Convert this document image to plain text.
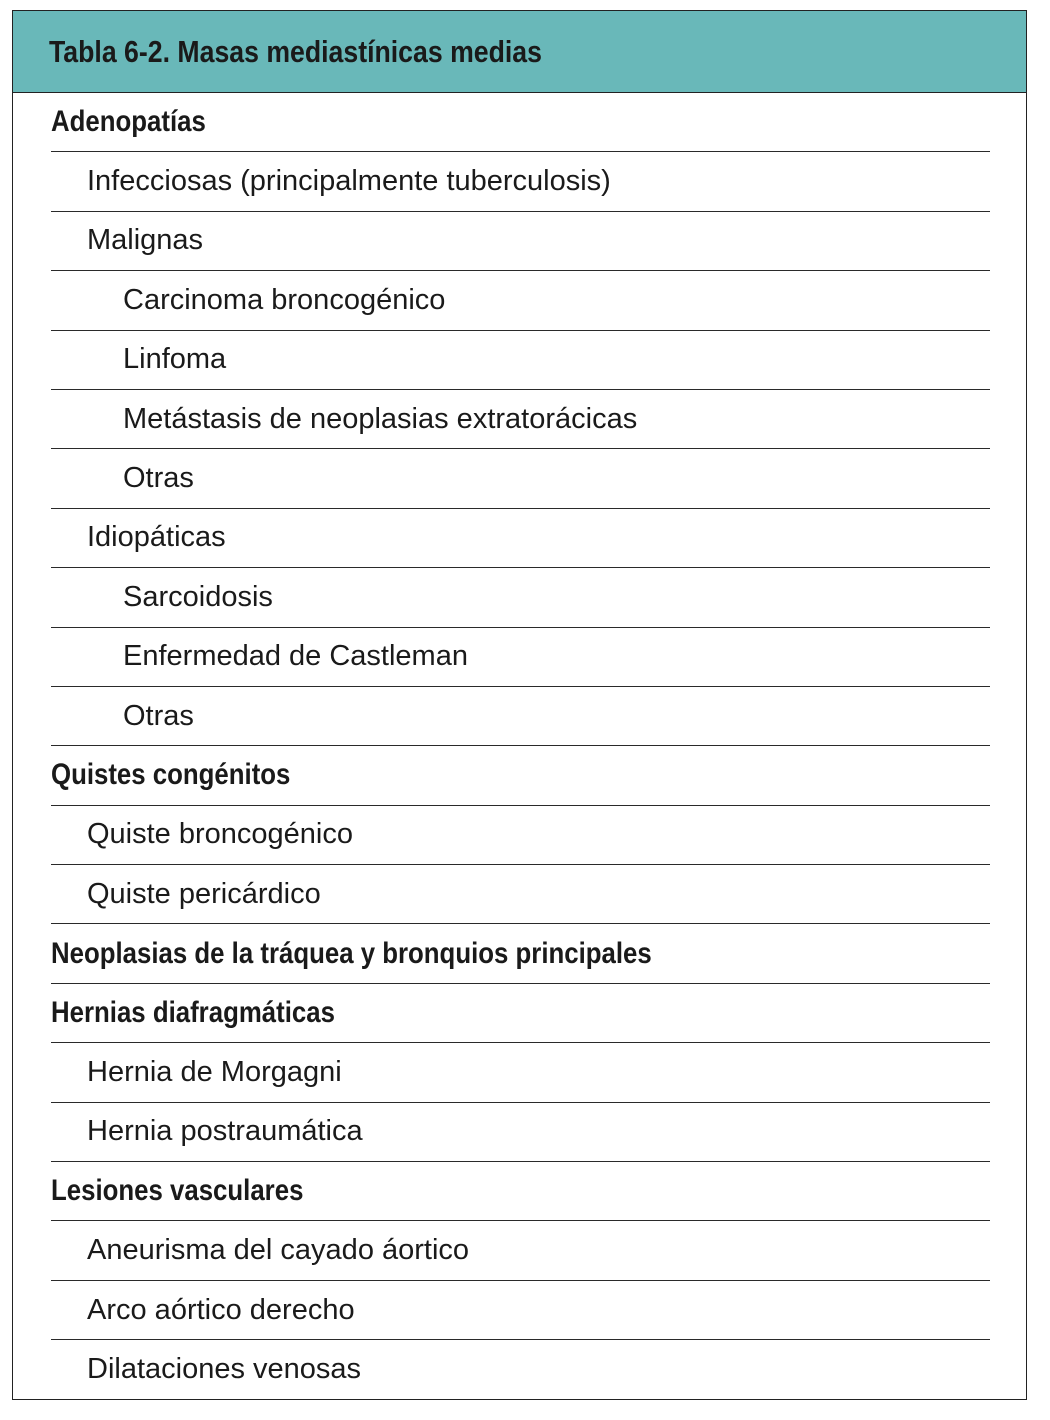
Tabla 6-2. Masas mediastínicas medias
Adenopatías
Infecciosas (principalmente tuberculosis)
Malignas
Carcinoma broncogénico
Linfoma
Metástasis de neoplasias extratorácicas
Otras
Idiopáticas
Sarcoidosis
Enfermedad de Castleman
Otras
Quistes congénitos
Quiste broncogénico
Quiste pericárdico
Neoplasias de la tráquea y bronquios principales
Hernias diafragmáticas
Hernia de Morgagni
Hernia postraumática
Lesiones vasculares
Aneurisma del cayado áortico
Arco aórtico derecho
Dilataciones venosas
